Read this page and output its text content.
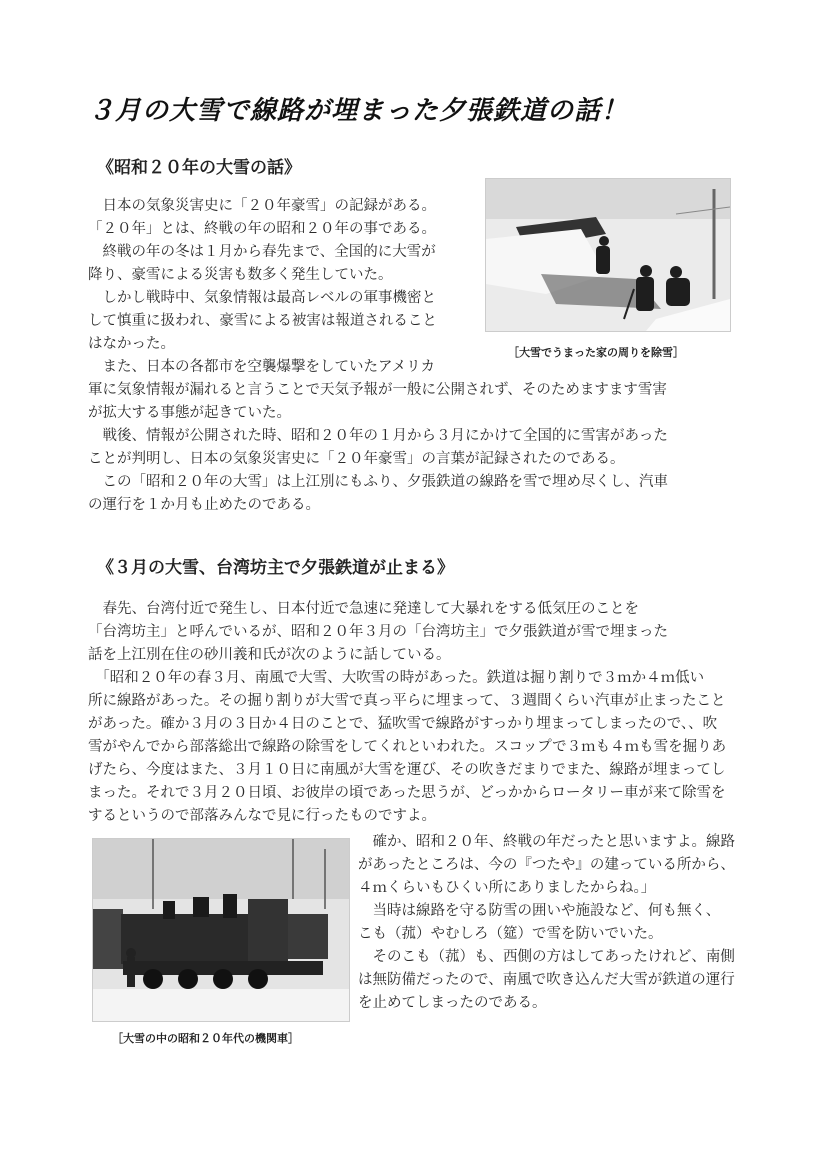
３月の大雪で線路が埋まった夕張鉄道の話！
《昭和２０年の大雪の話》
［大雪でうまった家の周りを除雪］
　日本の気象災害史に「２０年豪雪」の記録がある。
「２０年」とは、終戦の年の昭和２０年の事である。
　終戦の年の冬は１月から春先まで、全国的に大雪が
降り、豪雪による災害も数多く発生していた。
　しかし戦時中、気象情報は最高レベルの軍事機密と
して慎重に扱われ、豪雪による被害は報道されること
はなかった。
　また、日本の各都市を空襲爆撃をしていたアメリカ
軍に気象情報が漏れると言うことで天気予報が一般に公開されず、そのためますます雪害
が拡大する事態が起きていた。
　戦後、情報が公開された時、昭和２０年の１月から３月にかけて全国的に雪害があった
ことが判明し、日本の気象災害史に「２０年豪雪」の言葉が記録されたのである。
　この「昭和２０年の大雪」は上江別にもふり、夕張鉄道の線路を雪で埋め尽くし、汽車
の運行を１か月も止めたのである。
《３月の大雪、台湾坊主で夕張鉄道が止まる》
　春先、台湾付近で発生し、日本付近で急速に発達して大暴れをする低気圧のことを
「台湾坊主」と呼んでいるが、昭和２０年３月の「台湾坊主」で夕張鉄道が雪で埋まった
話を上江別在住の砂川義和氏が次のように話している。
　「昭和２０年の春３月、南風で大雪、大吹雪の時があった。鉄道は掘り割りで３ｍか４ｍ低い
所に線路があった。その掘り割りが大雪で真っ平らに埋まって、３週間くらい汽車が止まったこと
があった。確か３月の３日か４日のことで、猛吹雪で線路がすっかり埋まってしまったので、、吹
雪がやんでから部落総出で線路の除雪をしてくれといわれた。スコップで３ｍも４ｍも雪を掘りあ
げたら、今度はまた、３月１０日に南風が大雪を運び、その吹きだまりでまた、線路が埋まってし
まった。それで３月２０日頃、お彼岸の頃であった思うが、どっかからロータリー車が来て除雪を
するというので部落みんなで見に行ったものですよ。
［大雪の中の昭和２０年代の機関車］
　確か、昭和２０年、終戦の年だったと思いますよ。線路
があったところは、今の『つたや』の建っている所から、
４ｍくらいもひくい所にありましたからね。」
　当時は線路を守る防雪の囲いや施設など、何も無く、
こも（菰）やむしろ（筵）で雪を防いでいた。
　そのこも（菰）も、西側の方はしてあったけれど、南側
は無防備だったので、南風で吹き込んだ大雪が鉄道の運行
を止めてしまったのである。
